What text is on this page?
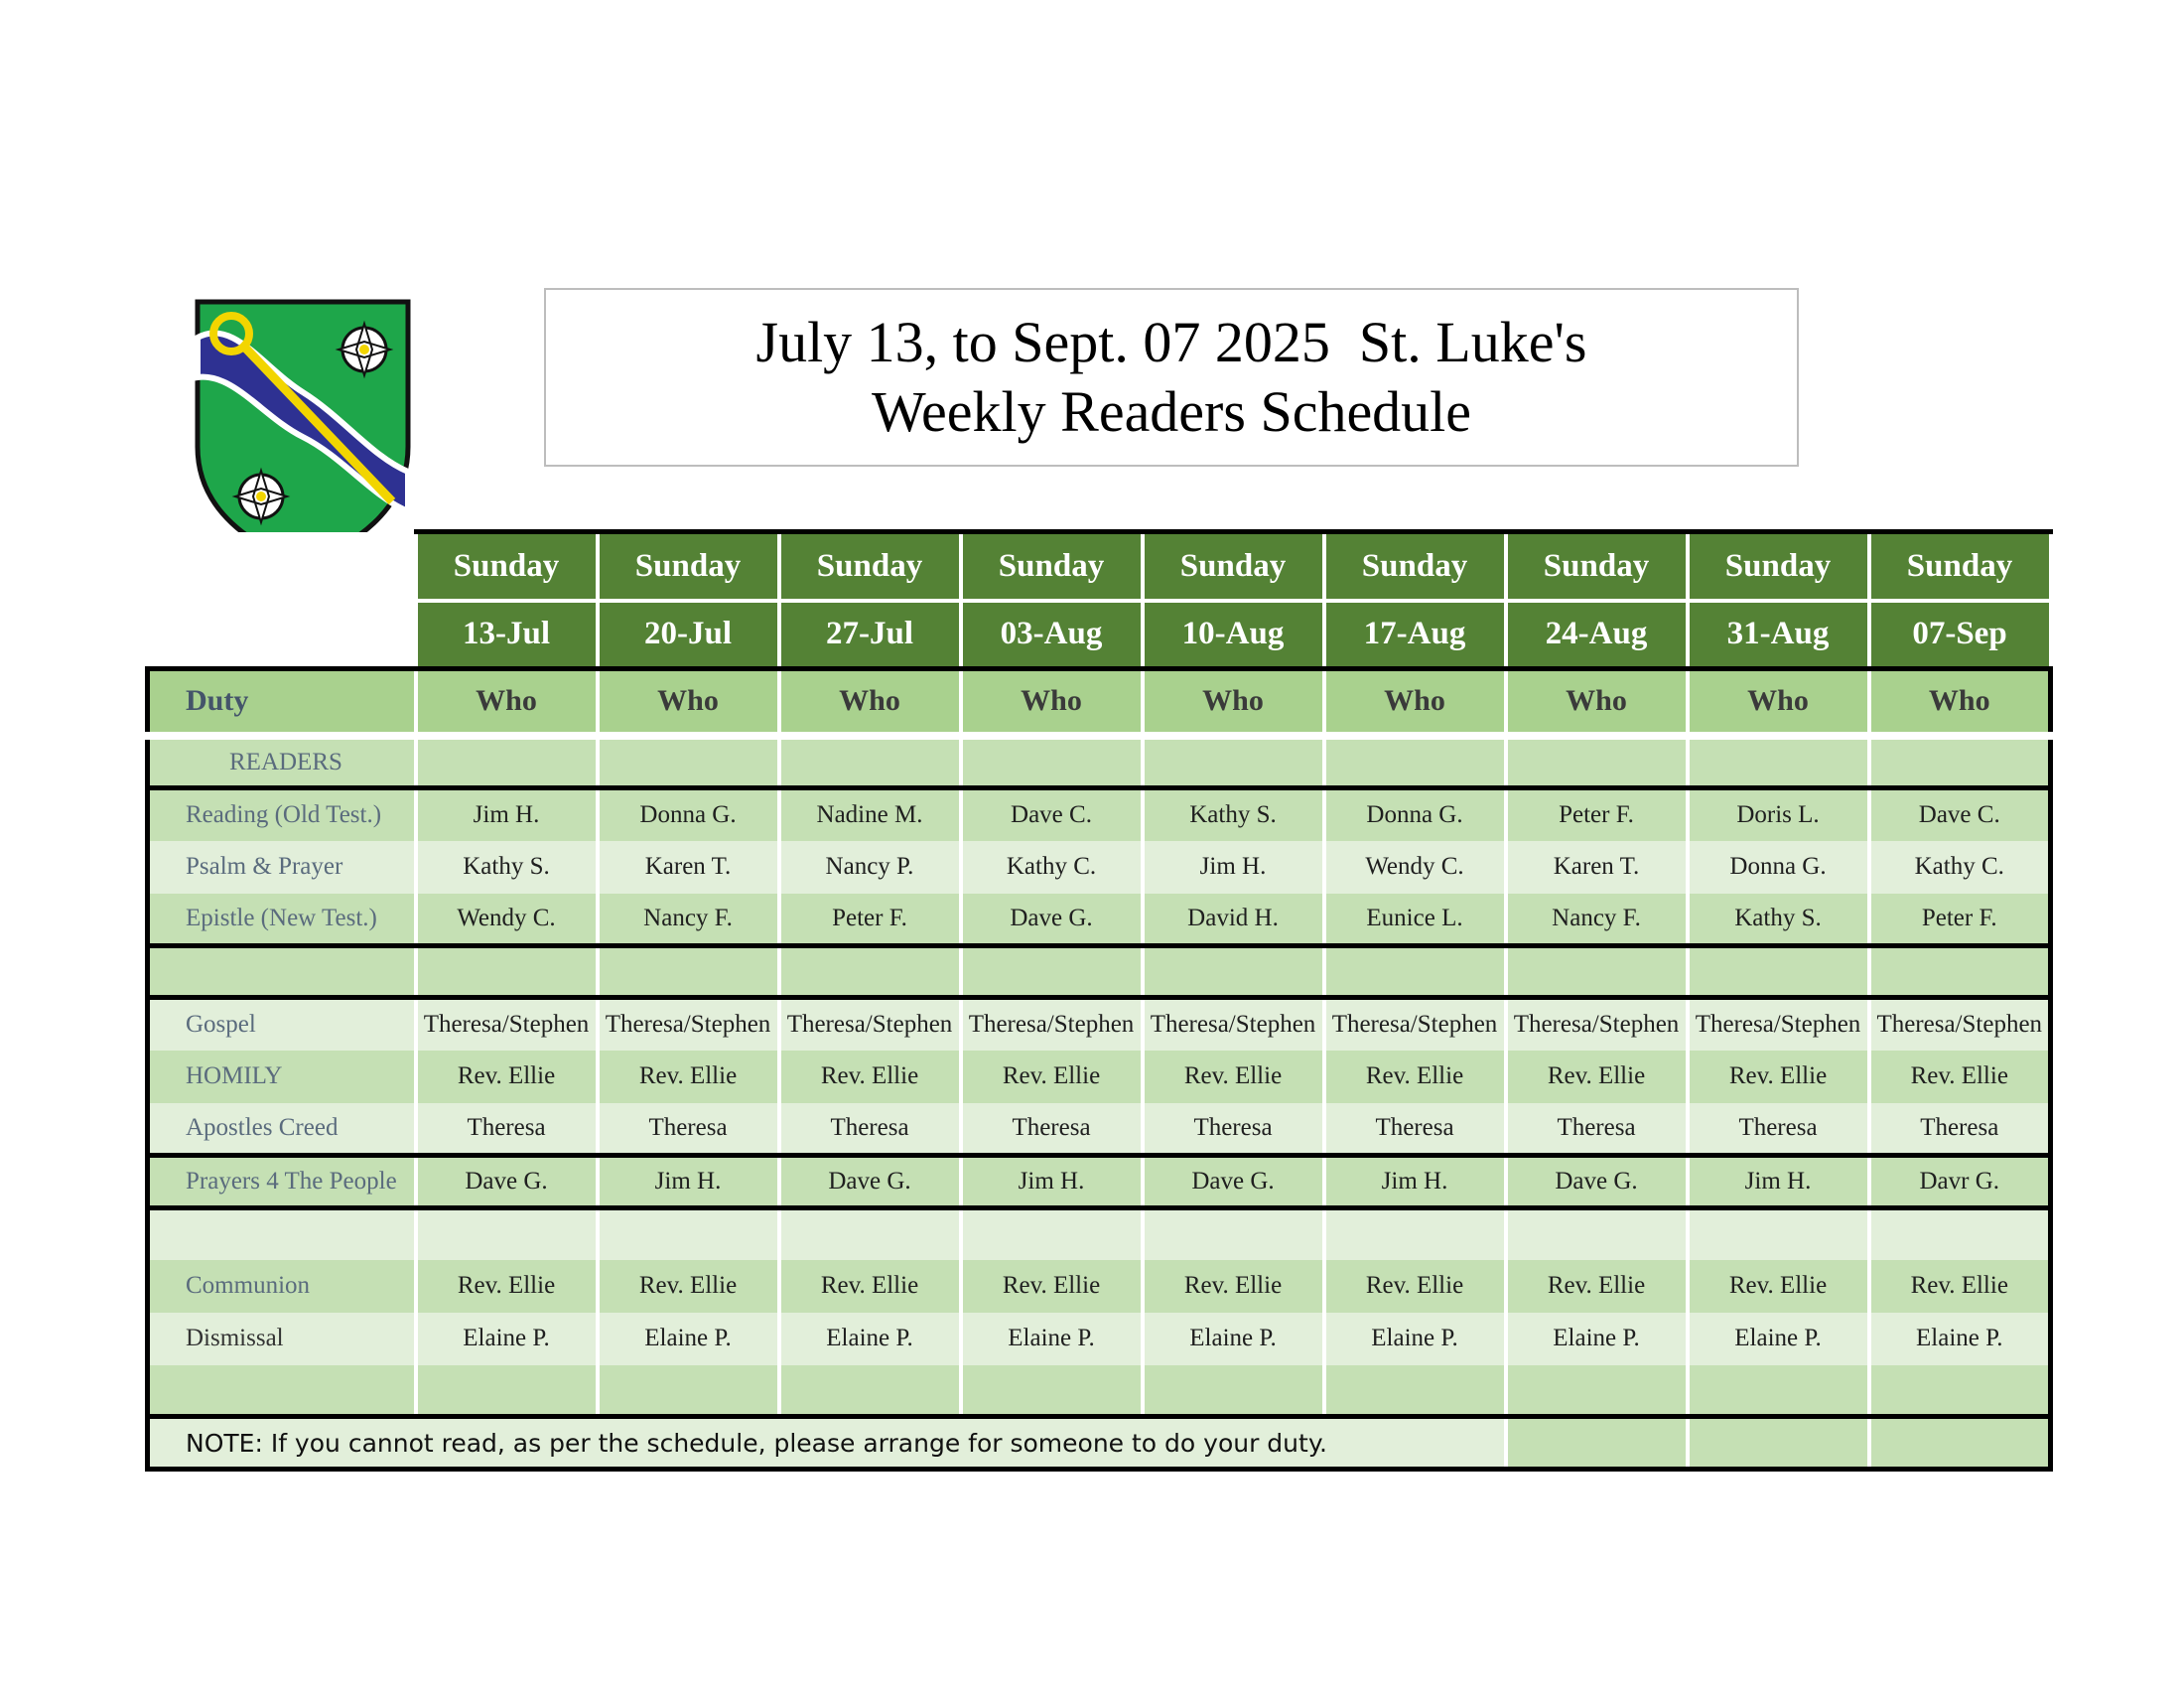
July 13, to Sept. 07 2025  St. Luke's
Weekly Readers Schedule
	Sunday	Sunday	Sunday	Sunday	Sunday	Sunday	Sunday	Sunday	Sunday
	13-Jul	20-Jul	27-Jul	03-Aug	10-Aug	17-Aug	24-Aug	31-Aug	07-Sep
Duty	Who	Who	Who	Who	Who	Who	Who	Who	Who
READERS									
Reading (Old Test.)	Jim H.	Donna G.	Nadine M.	Dave C.	Kathy S.	Donna G.	Peter F.	Doris L.	Dave C.
Psalm & Prayer	Kathy S.	Karen T.	Nancy P.	Kathy C.	Jim H.	Wendy C.	Karen T.	Donna G.	Kathy C.
Epistle (New Test.)	Wendy C.	Nancy F.	Peter F.	Dave G.	David H.	Eunice L.	Nancy F.	Kathy S.	Peter F.

Gospel	Theresa/Stephen	Theresa/Stephen	Theresa/Stephen	Theresa/Stephen	Theresa/Stephen	Theresa/Stephen	Theresa/Stephen	Theresa/Stephen	Theresa/Stephen
HOMILY	Rev. Ellie	Rev. Ellie	Rev. Ellie	Rev. Ellie	Rev. Ellie	Rev. Ellie	Rev. Ellie	Rev. Ellie	Rev. Ellie
Apostles Creed	Theresa	Theresa	Theresa	Theresa	Theresa	Theresa	Theresa	Theresa	Theresa
Prayers 4 The People	Dave G.	Jim H.	Dave G.	Jim H.	Dave G.	Jim H.	Dave G.	Jim H.	Davr G.

Communion	Rev. Ellie	Rev. Ellie	Rev. Ellie	Rev. Ellie	Rev. Ellie	Rev. Ellie	Rev. Ellie	Rev. Ellie	Rev. Ellie
Dismissal	Elaine P.	Elaine P.	Elaine P.	Elaine P.	Elaine P.	Elaine P.	Elaine P.	Elaine P.	Elaine P.

NOTE: If you cannot read, as per the schedule, please arrange for someone to do your duty.									
